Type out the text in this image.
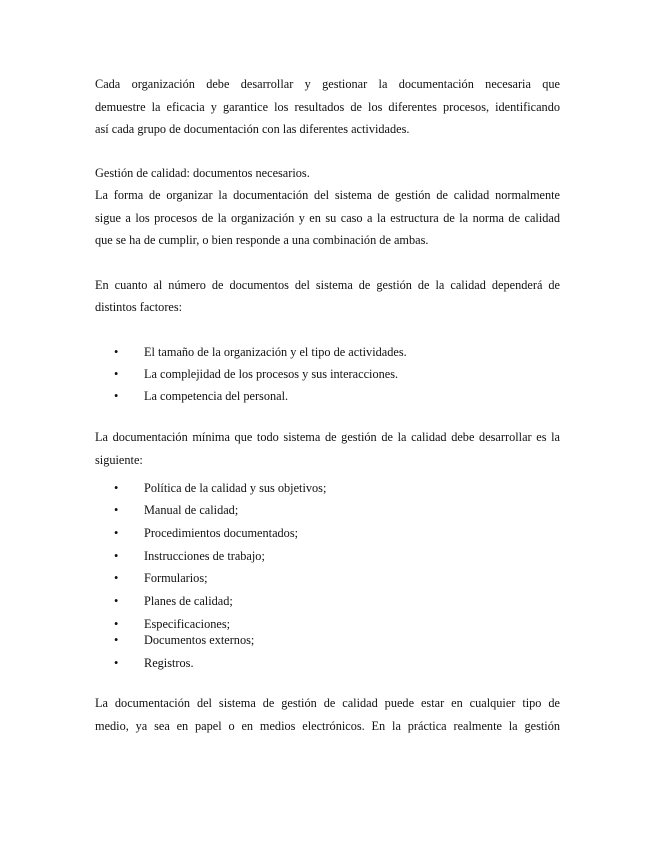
Cada organización debe desarrollar y gestionar la documentación necesaria que
demuestre la eficacia y garantice los resultados de los diferentes procesos, identificando
así cada grupo de documentación con las diferentes actividades.
Gestión de calidad: documentos necesarios.
La forma de organizar la documentación del sistema de gestión de calidad normalmente
sigue a los procesos de la organización y en su caso a la estructura de la norma de calidad
que se ha de cumplir, o bien responde a una combinación de ambas.
En cuanto al número de documentos del sistema de gestión de la calidad dependerá de
distintos factores:
• El tamaño de la organización y el tipo de actividades.
• La complejidad de los procesos y sus interacciones.
• La competencia del personal.
La documentación mínima que todo sistema de gestión de la calidad debe desarrollar es la
siguiente:
• Política de la calidad y sus objetivos;
• Manual de calidad;
• Procedimientos documentados;
• Instrucciones de trabajo;
• Formularios;
• Planes de calidad;
• Especificaciones;
• Documentos externos;
• Registros.
La documentación del sistema de gestión de calidad puede estar en cualquier tipo de
medio, ya sea en papel o en medios electrónicos. En la práctica realmente la gestión
